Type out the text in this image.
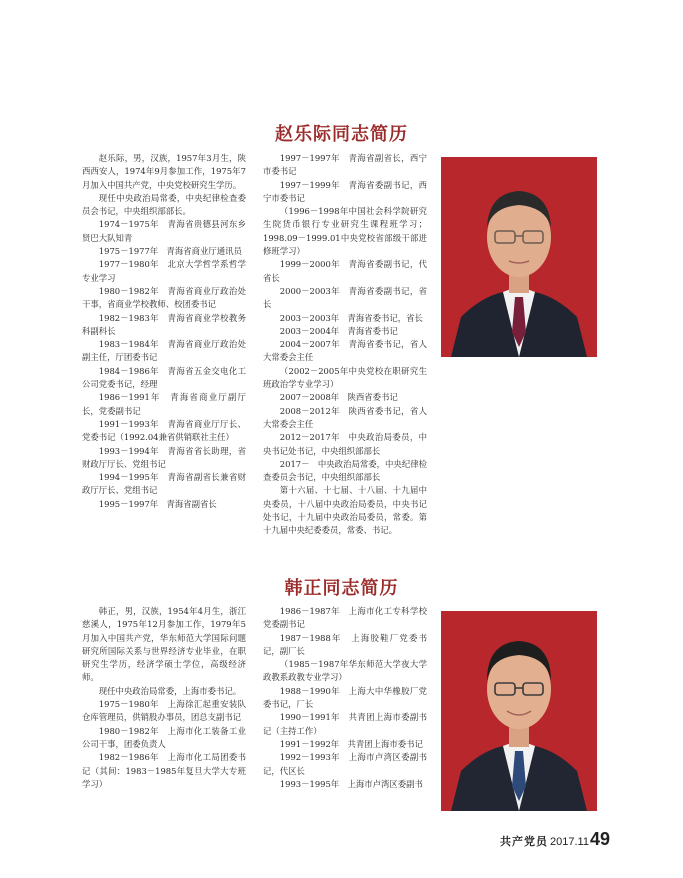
赵乐际同志简历

赵乐际，男，汉族，1957年3月生，陕西西安人，1974年9月参加工作，1975年7月加入中国共产党，中央党校研究生学历。

现任中央政治局常委，中央纪律检查委员会书记，中央组织部部长。

1974－1975年　青海省贵德县河东乡贤巴大队知青

1975－1977年　青海省商业厅通讯员

1977－1980年　北京大学哲学系哲学专业学习

1980－1982年　青海省商业厅政治处干事，省商业学校教师、校团委书记

1982－1983年　青海省商业学校教务科副科长

1983－1984年　青海省商业厅政治处副主任，厅团委书记

1984－1986年　青海省五金交电化工公司党委书记，经理

1986－1991年　青海省商业厅副厅长，党委副书记

1991－1993年　青海省商业厅厅长、党委书记（1992.04兼省供销联社主任）

1993－1994年　青海省省长助理，省财政厅厅长、党组书记

1994－1995年　青海省副省长兼省财政厅厅长、党组书记

1995－1997年　青海省副省长

1997－1997年　青海省副省长，西宁市委书记

1997－1999年　青海省委副书记，西宁市委书记

（1996－1998年中国社会科学院研究生院货币银行专业研究生课程班学习；1998.09－1999.01中央党校省部级干部进修班学习）

1999－2000年　青海省委副书记，代省长

2000－2003年　青海省委副书记，省长

2003－2003年　青海省委书记，省长

2003－2004年　青海省委书记

2004－2007年　青海省委书记，省人大常委会主任

（2002－2005年中央党校在职研究生班政治学专业学习）

2007－2008年　陕西省委书记

2008－2012年　陕西省委书记，省人大常委会主任

2012－2017年　中央政治局委员，中央书记处书记，中央组织部部长

2017－　中央政治局常委，中央纪律检查委员会书记，中央组织部部长

第十六届、十七届、十八届、十九届中央委员，十八届中央政治局委员，中央书记处书记，十九届中央政治局委员，常委。第十九届中央纪委委员，常委、书记。

韩正同志简历

韩正，男，汉族，1954年4月生，浙江慈溪人，1975年12月参加工作，1979年5月加入中国共产党，华东师范大学国际问题研究所国际关系与世界经济专业毕业，在职研究生学历，经济学硕士学位，高级经济师。

现任中央政治局常委，上海市委书记。

1975－1980年　上海徐汇起重安装队仓库管理员，供销股办事员，团总支副书记

1980－1982年　上海市化工装备工业公司干事，团委负责人

1982－1986年　上海市化工局团委书记（其间：1983－1985年复旦大学大专班学习）

1986－1987年　上海市化工专科学校党委副书记

1987－1988年　上海胶鞋厂党委书记，副厂长

（1985－1987年华东师范大学夜大学政教系政教专业学习）

1988－1990年　上海大中华橡胶厂党委书记，厂长

1990－1991年　共青团上海市委副书记（主持工作）

1991－1992年　共青团上海市委书记

1992－1993年　上海市卢湾区委副书记，代区长

1993－1995年　上海市卢湾区委副书

共产党员 2017.11 49
